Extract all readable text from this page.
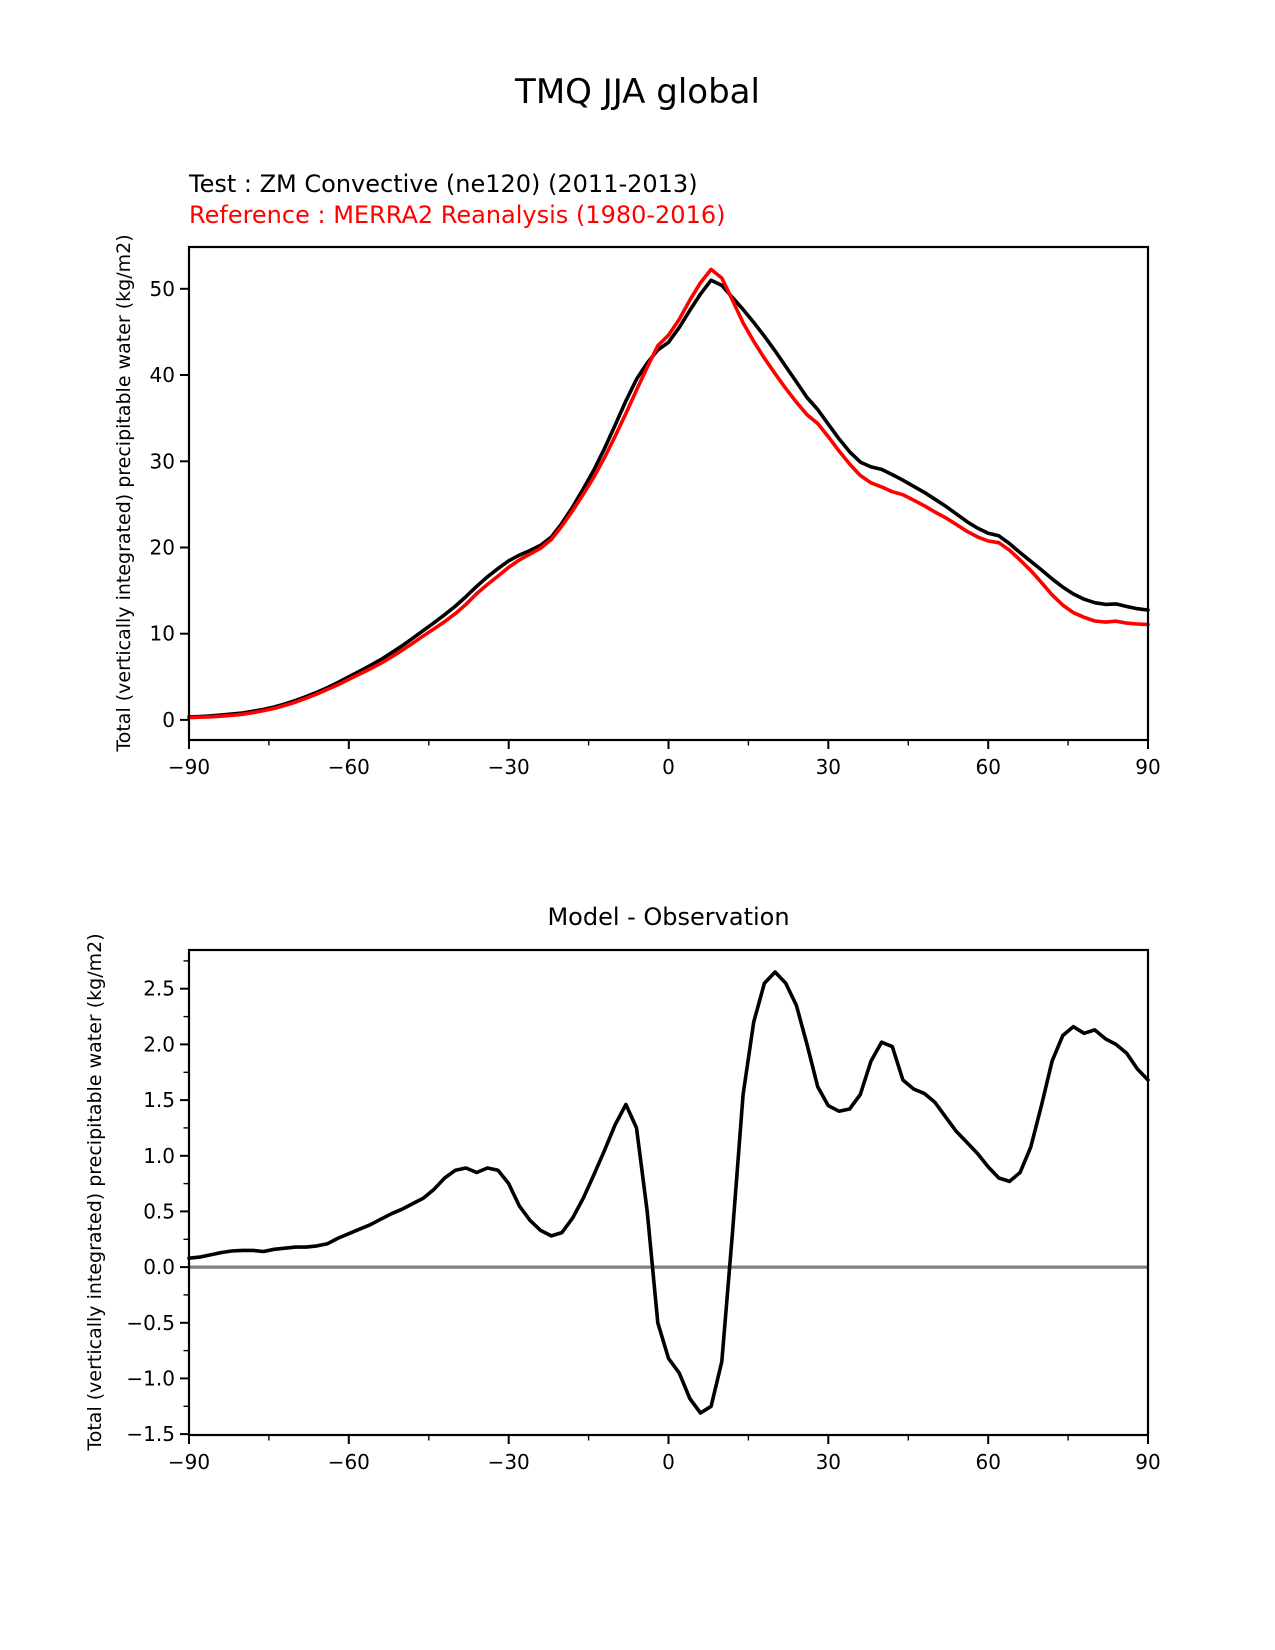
−90	−60	−30	0	30	60	90
0
10
20
30
40
50
−90	−60	−30	0	30	60	90
−1.5
−1.0
−0.5
0.0
0.5
1.0
1.5
2.0
2.5
TMQ JJA global
Test : ZM Convective (ne120) (2011-2013)
Reference : MERRA2 Reanalysis (1980-2016)
Total (vertically integrated) precipitable water (kg/m2)
Model - Observation
Total (vertically integrated) precipitable water (kg/m2)
